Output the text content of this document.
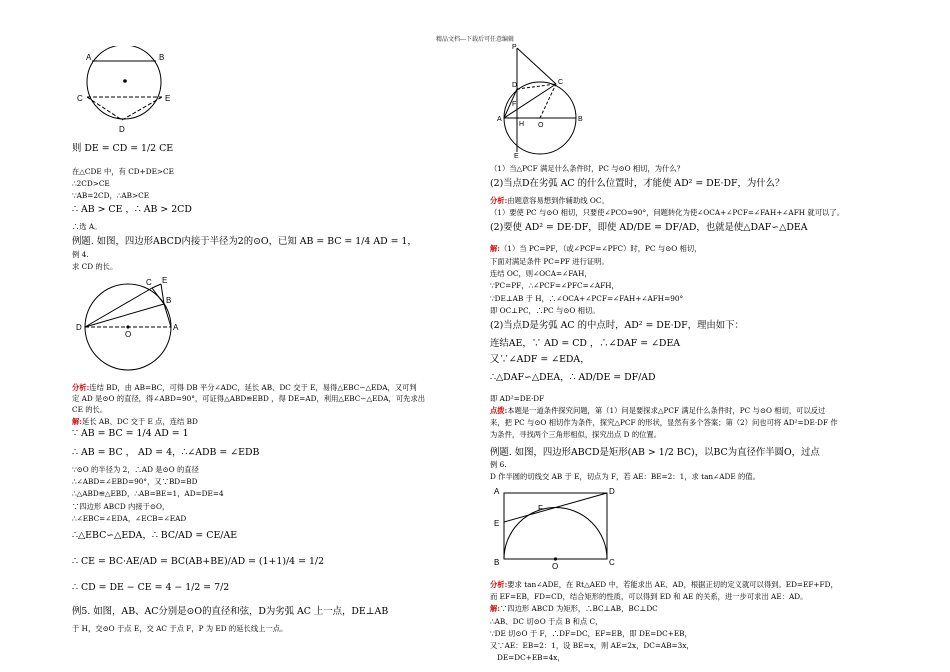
精品文档---下载后可任意编辑
A	B
C	E
D
则 DE = CD = 1/2 CE
在△CDE 中，有 CD+DE>CE
∴2CD>CE
∵AB=2CD，∴AB>CE
∴ AB > CE ，∴ AB > 2CD
∴选 A。
例题. 如图，四边形ABCD内接于半径为2的⊙O，已知 AB = BC = 1/4 AD = 1，
例 4.
求 CD 的长。
C E
B
D
O
A
分析:连结 BD，由 AB=BC，可得 DB 平分∠ADC，延长 AB、DC 交于 E，易得△EBC∽△EDA，又可判
定 AD 是⊙O 的直径，得∠ABD=90°，可证得△ABD≌EBD ，得 DE=AD，利用△EBC∽△EDA，可先求出
CE 的长。
解:延长 AB、DC 交于 E 点，连结 BD
∵ AB = BC = 1/4 AD = 1
∴ AB = BC ， AD = 4，∴∠ADB = ∠EDB
∵⊙O 的半径为 2，∴AD 是⊙O 的直径
∴∠ABD=∠EBD=90°，又∵BD=BD
∴△ABD≌△EBD，∴AB=BE=1，AD=DE=4
∵四边形 ABCD 内接于⊙O，
∴∠EBC=∠EDA，∠ECB=∠EAD
∴△EBC∽△EDA，∴ BC/AD = CE/AE
∴ CE = BC·AE/AD = BC(AB+BE)/AD = (1+1)/4 = 1/2
∴ CD = DE − CE = 4 − 1/2 = 7/2
例5. 如图，AB、AC分别是⊙O的直径和弦，D为劣弧 AC 上一点，DE⊥AB
于 H，交⊙O 于点 E，交 AC 于点 F，P 为 ED 的延长线上一点。
P
D	C
F
A
H O
B
E
（1）当△PCF 满足什么条件时，PC 与⊙O 相切，为什么？
(2)当点D在劣弧 AC 的什么位置时，才能使 AD² = DE·DF，为什么？
分析:由题意容易想到作辅助线 OC。
（1）要使 PC 与⊙O 相切，只要使∠PCO=90°，问题转化为使∠OCA+∠PCF=∠FAH+∠AFH 就可以了。
(2)要使 AD² = DE·DF，即使 AD/DE = DF/AD，也就是使△DAF∽△DEA
解:（1）当 PC=PF，（或∠PCF=∠PFC）时，PC 与⊙O 相切，
下面对满足条件 PC=PF 进行证明。
连结 OC，则∠OCA=∠FAH，
∵PC=PF，∴∠PCF=∠PFC=∠AFH，
∵DE⊥AB 于 H，∴∠OCA+∠PCF=∠FAH+∠AFH=90°
即 OC⊥PC，∴PC 与⊙O 相切。
(2)当点D是劣弧 AC 的中点时，AD² = DE·DF，理由如下：
连结AE，∵ AD = CD ，∴∠DAF = ∠DEA
又∵∠ADF = ∠EDA，
∴△DAF∽△DEA，∴ AD/DE = DF/AD
即 AD²=DE·DF
点拨:本题是一道条件探究问题，第（1）问是要探求△PCF 满足什么条件时，PC 与⊙O 相切，可以反过
来，把 PC 与⊙O 相切作为条件，探究△PCF 的形状，显然有多个答案；第（2）问也可将 AD²=DE·DF 作
为条件，寻找两个三角形相似，探究出点 D 的位置。
例题. 如图，四边形ABCD是矩形(AB > 1/2 BC)，以BC为直径作半圆O，过点
例 6.
D 作半圆的切线交 AB 于 E，切点为 F，若 AE：BE=2：1，求 tan∠ADE 的值。
A	D
F
E
B	O	C
分析:要求 tan∠ADE，在 Rt△AED 中，若能求出 AE、AD，根据正切的定义就可以得到。ED=EF+FD，
而 EF=EB，FD=CD，结合矩形的性质，可以得到 ED 和 AE 的关系，进一步可求出 AE：AD。
解:∵四边形 ABCD 为矩形，∴BC⊥AB，BC⊥DC
∴AB、DC 切⊙O 于点 B 和点 C，
∵DE 切⊙O 于 F，∴DF=DC，EF=EB，即 DE=DC+EB，
又∵AE：EB=2：1，设 BE=x，则 AE=2x，DC=AB=3x，
DE=DC+EB=4x，
